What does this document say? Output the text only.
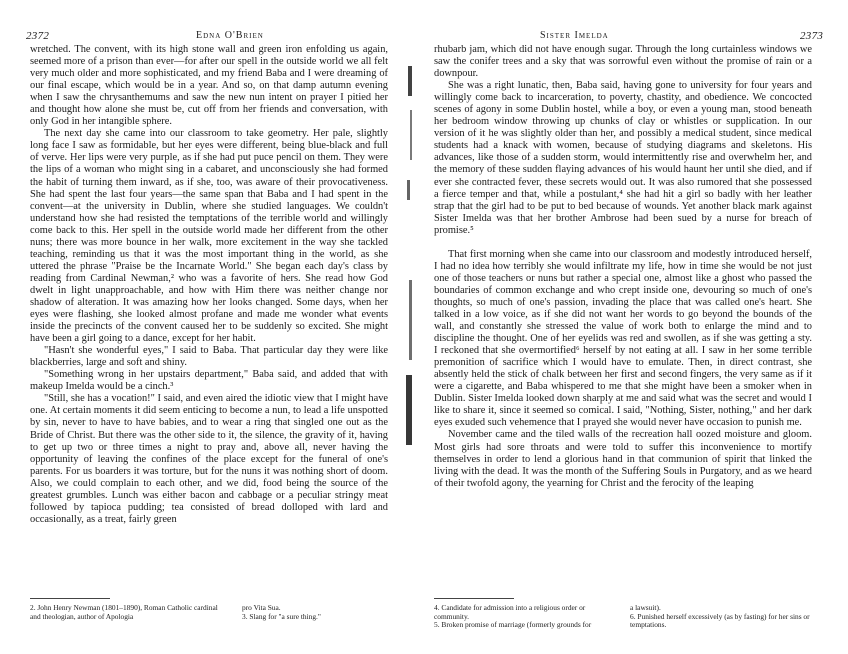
2372	Edna O'Brien

wretched. The convent, with its high stone wall and green iron enfolding us again, seemed more of a prison than ever—for after our spell in the outside world we all felt very much older and more sophisticated, and my friend Baba and I were dreaming of our final escape, which would be in a year. And so, on that damp autumn evening when I saw the chrysanthemums and saw the new nun intent on prayer I pitied her and thought how alone she must be, cut off from her friends and conversation, with only God in her intangible sphere.

The next day she came into our classroom to take geometry. Her pale, slightly long face I saw as formidable, but her eyes were different, being blue-black and full of verve. Her lips were very purple, as if she had put puce pencil on them. They were the lips of a woman who might sing in a cabaret, and unconsciously she had formed the habit of turning them inward, as if she, too, was aware of their provocativeness. She had spent the last four years—the same span that Baba and I had spent in the convent—at the university in Dublin, where she studied languages. We couldn't understand how she had resisted the temptations of the terrible world and willingly come back to this. Her spell in the outside world made her different from the other nuns; there was more bounce in her walk, more excitement in the way she tackled teaching, reminding us that it was the most important thing in the world, as she uttered the phrase "Praise be the Incarnate World." She began each day's class by reading from Cardinal Newman,² who was a favorite of hers. She read how God dwelt in light unapproachable, and how with Him there was neither change nor shadow of alteration. It was amazing how her looks changed. Some days, when her eyes were flashing, she looked almost profane and made me wonder what events inside the precincts of the convent caused her to be suddenly so excited. She might have been a girl going to a dance, except for her habit.

"Hasn't she wonderful eyes," I said to Baba. That particular day they were like blackberries, large and soft and shiny.

"Something wrong in her upstairs department," Baba said, and added that with makeup Imelda would be a cinch.³

"Still, she has a vocation!" I said, and even aired the idiotic view that I might have one. At certain moments it did seem enticing to become a nun, to lead a life unspotted by sin, never to have to have babies, and to wear a ring that singled one out as the Bride of Christ. But there was the other side to it, the silence, the gravity of it, having to get up two or three times a night to pray and, above all, never having the opportunity of leaving the confines of the place except for the funeral of one's parents. For us boarders it was torture, but for the nuns it was nothing short of doom. Also, we could complain to each other, and we did, food being the source of the greatest grumbles. Lunch was either bacon and cabbage or a peculiar stringy meat followed by tapioca pudding; tea consisted of bread dolloped with lard and occasionally, as a treat, fairly green

2. John Henry Newman (1801–1890), Roman Catholic cardinal and theologian, author of Apologia
pro Vita Sua.
3. Slang for "a sure thing."
Sister Imelda	2373

rhubarb jam, which did not have enough sugar. Through the long curtainless windows we saw the conifer trees and a sky that was sorrowful even without the promise of rain or a downpour.

She was a right lunatic, then, Baba said, having gone to university for four years and willingly come back to incarceration, to poverty, chastity, and obedience. We concocted scenes of agony in some Dublin hostel, while a boy, or even a young man, stood beneath her bedroom window throwing up chunks of clay or whistles or supplication. In our version of it he was slightly older than her, and possibly a medical student, since medical students had a knack with women, because of studying diagrams and skeletons. His advances, like those of a sudden storm, would intermittently rise and overwhelm her, and the memory of these sudden flaying advances of his would haunt her until she died, and if ever she contracted fever, these secrets would out. It was also rumored that she possessed a fierce temper and that, while a postulant,⁴ she had hit a girl so badly with her leather strap that the girl had to be put to bed because of wounds. Yet another black mark against Sister Imelda was that her brother Ambrose had been sued by a nurse for breach of promise.⁵

That first morning when she came into our classroom and modestly introduced herself, I had no idea how terribly she would infiltrate my life, how in time she would be not just one of those teachers or nuns but rather a special one, almost like a ghost who passed the boundaries of common exchange and who crept inside one, devouring so much of one's thoughts, so much of one's passion, invading the place that was called one's heart. She talked in a low voice, as if she did not want her words to go beyond the bounds of the wall, and constantly she stressed the value of work both to enlarge the mind and to discipline the thought. One of her eyelids was red and swollen, as if she was getting a sty. I reckoned that she overmortified⁶ herself by not eating at all. I saw in her some terrible premonition of sacrifice which I would have to emulate. Then, in direct contrast, she absently held the stick of chalk between her first and second fingers, the very same as if it were a cigarette, and Baba whispered to me that she might have been a smoker when in Dublin. Sister Imelda looked down sharply at me and said what was the secret and would I like to share it, since it seemed so comical. I said, "Nothing, Sister, nothing," and her dark eyes exuded such vehemence that I prayed she would never have occasion to punish me.

November came and the tiled walls of the recreation hall oozed moisture and gloom. Most girls had sore throats and were told to suffer this inconvenience to mortify themselves in order to lend a glorious hand in that communion of spirit that linked the living with the dead. It was the month of the Suffering Souls in Purgatory, and as we heard of their twofold agony, the yearning for Christ and the ferocity of the leaping

4. Candidate for admission into a religious order or community.
5. Broken promise of marriage (formerly grounds for
a lawsuit).
6. Punished herself excessively (as by fasting) for her sins or temptations.
